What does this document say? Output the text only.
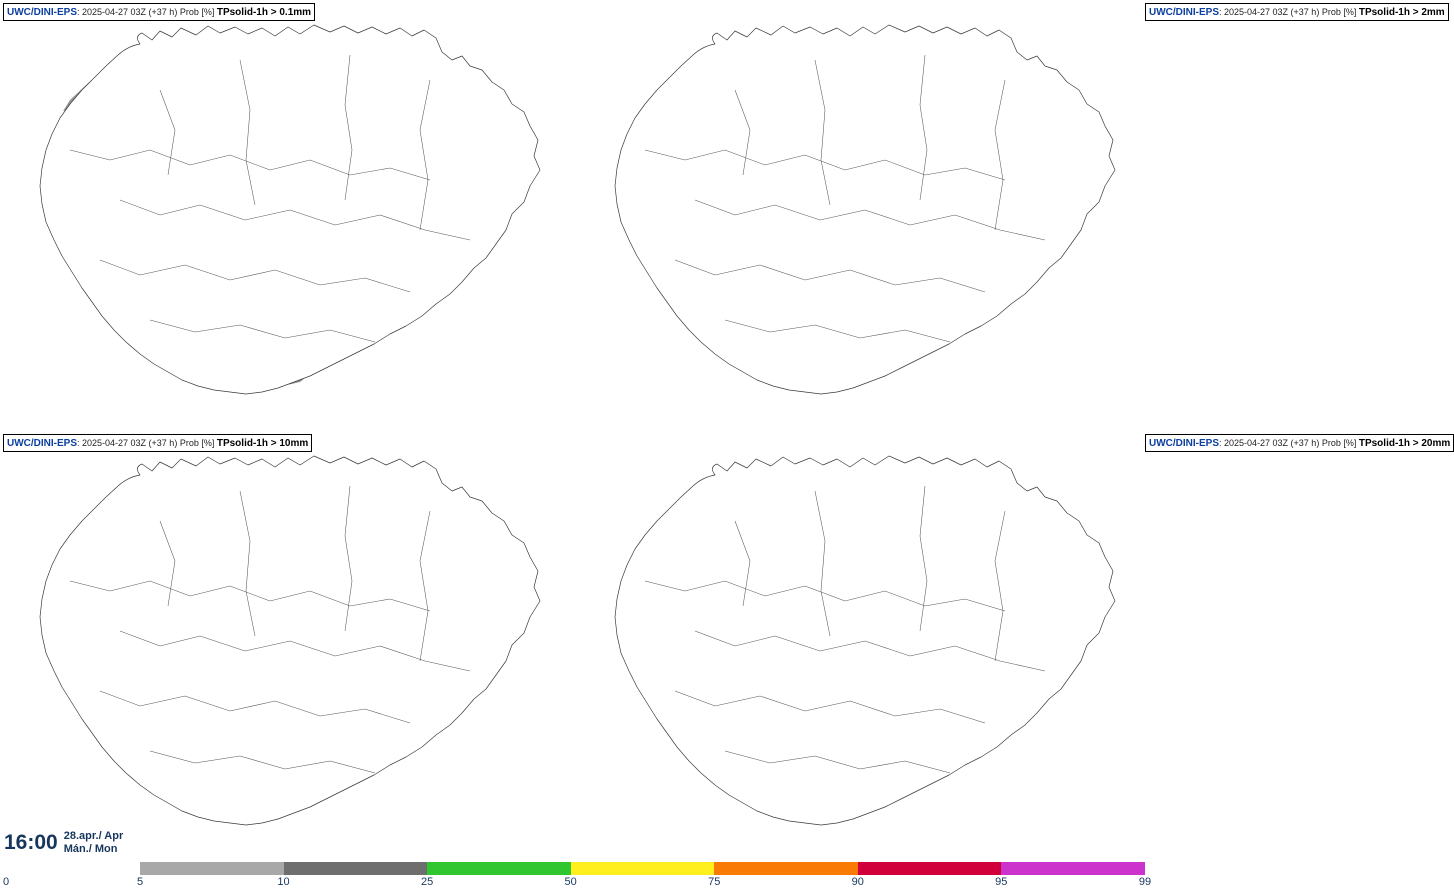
UWC/DINI-EPS: 2025-04-27 03Z (+37 h) Prob [%] TPsolid-1h > 0.1mm	UWC/DINI-EPS: 2025-04-27 03Z (+37 h) Prob [%] TPsolid-1h > 2mm
UWC/DINI-EPS: 2025-04-27 03Z (+37 h) Prob [%] TPsolid-1h > 10mm	UWC/DINI-EPS: 2025-04-27 03Z (+37 h) Prob [%] TPsolid-1h > 20mm
16:00 28.apr./ Apr
Mán./ Mon
5	10	25	50	75	90	95	99
0
